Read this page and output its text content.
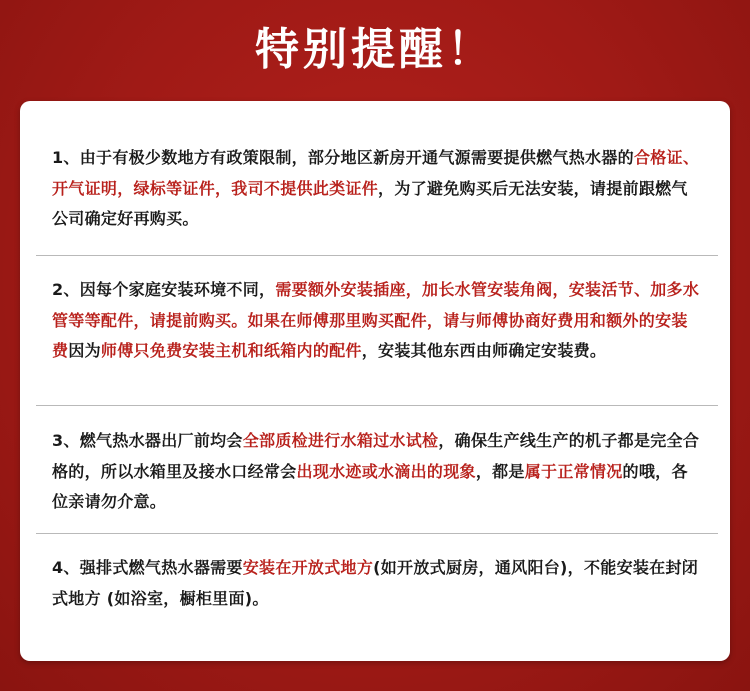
特别提醒！
1、由于有极少数地方有政策限制，部分地区新房开通气源需要提供燃气热水器的合格证、开气证明，绿标等证件，我司不提供此类证件，为了避免购买后无法安装，请提前跟燃气公司确定好再购买。
2、因每个家庭安装环境不同，需要额外安装插座，加长水管安装角阀，安装活节、加多水管等等配件，请提前购买。如果在师傅那里购买配件，请与师傅协商好费用和额外的安装费因为师傅只免费安装主机和纸箱内的配件，安装其他东西由师确定安装费。
3、燃气热水器出厂前均会全部质检进行水箱过水试检，确保生产线生产的机子都是完全合格的，所以水箱里及接水口经常会出现水迹或水滴出的现象，都是属于正常情况的哦，各位亲请勿介意。
4、强排式燃气热水器需要安装在开放式地方(如开放式厨房，通风阳台)，不能安装在封闭式地方 (如浴室，橱柜里面)。
